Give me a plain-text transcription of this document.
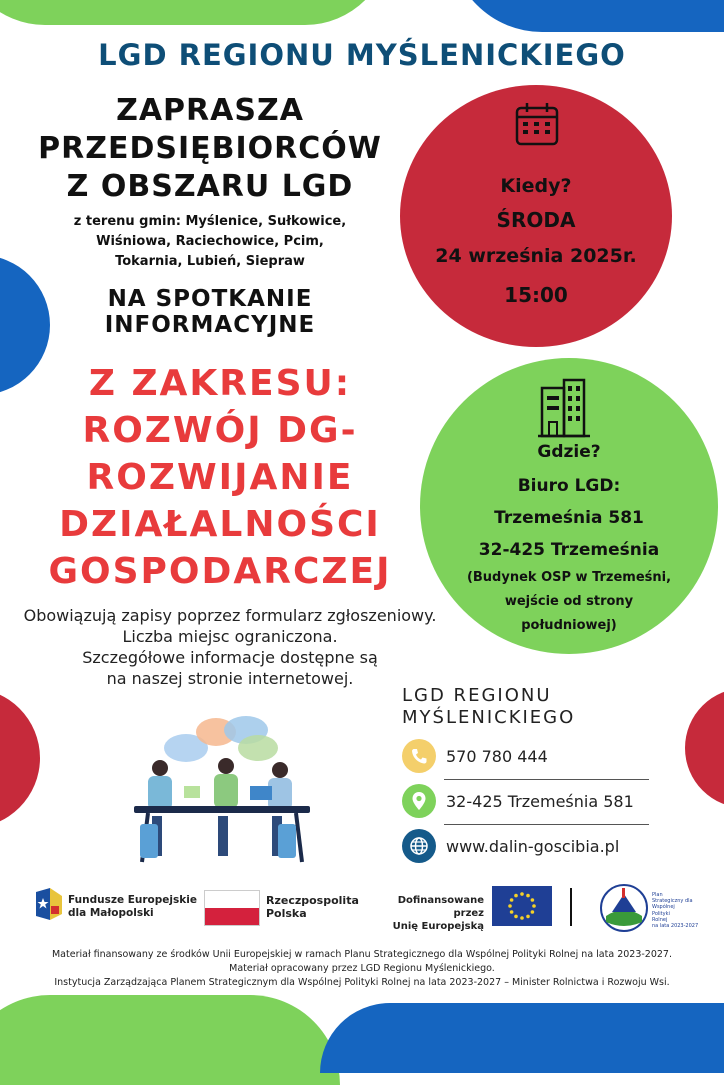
LGD REGIONU MYŚLENICKIEGO
ZAPRASZA
PRZEDSIĘBIORCÓW
Z OBSZARU LGD
z terenu gmin: Myślenice, Sułkowice,
Wiśniowa, Raciechowice, Pcim,
Tokarnia, Lubień, Siepraw
NA SPOTKANIE
INFORMACYJNE
Z ZAKRESU:
ROZWÓJ DG-
ROZWIJANIE
DZIAŁALNOŚCI
GOSPODARCZEJ
Kiedy?
ŚRODA
24 września 2025r.
15:00
Gdzie?
Biuro LGD:
Trzemeśnia 581
32-425 Trzemeśnia
(Budynek OSP w Trzemeśni,
wejście od strony
południowej)
Obowiązują zapisy poprzez formularz zgłoszeniowy.
Liczba miejsc ograniczona.
Szczegółowe informacje dostępne są
na naszej stronie internetowej.
LGD REGIONU
MYŚLENICKIEGO
570 780 444
32-425 Trzemeśnia 581
www.dalin-goscibia.pl
Fundusze Europejskie
dla Małopolski
Rzeczpospolita
Polska
Dofinansowane przez
Unię Europejską
Plan
Strategiczny dla
Wspólnej
Polityki
Rolnej
na lata 2023-2027
Materiał finansowany ze środków Unii Europejskiej w ramach Planu Strategicznego dla Wspólnej Polityki Rolnej na lata 2023-2027.
Materiał opracowany przez LGD Regionu Myślenickiego.
Instytucja Zarządzająca Planem Strategicznym dla Wspólnej Polityki Rolnej na lata 2023-2027 – Minister Rolnictwa i Rozwoju Wsi.
